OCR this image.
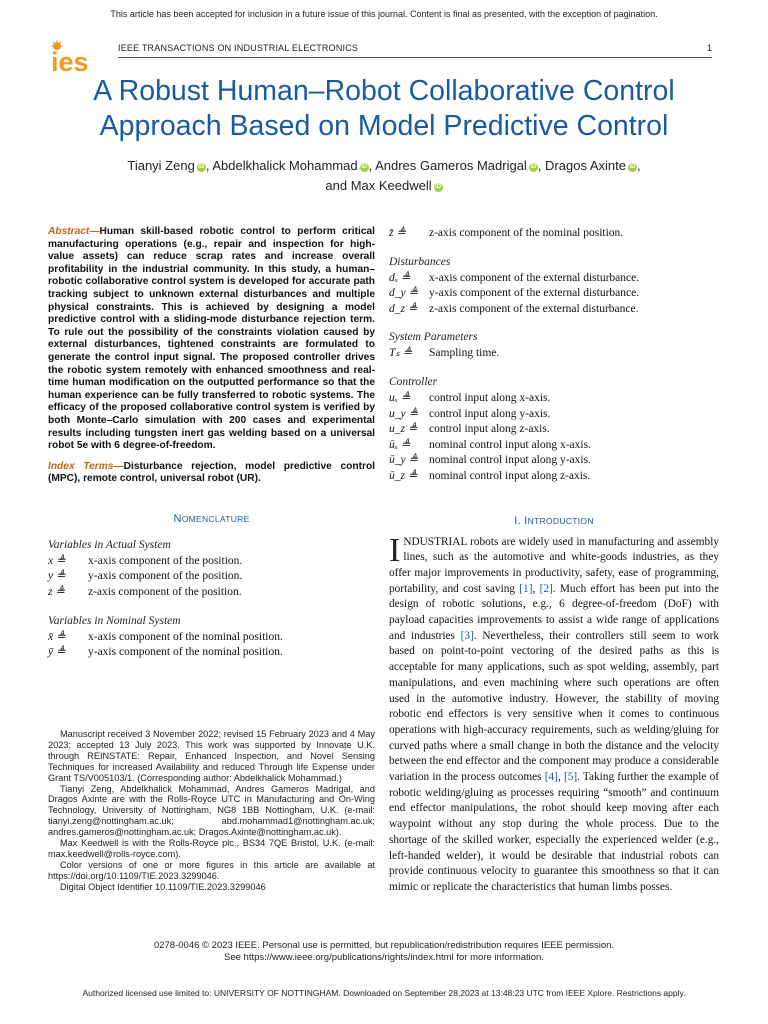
This article has been accepted for inclusion in a future issue of this journal. Content is final as presented, with the exception of pagination.
ies	IEEE TRANSACTIONS ON INDUSTRIAL ELECTRONICS	1
A Robust Human–Robot Collaborative Control
Approach Based on Model Predictive Control
Tianyi Zeng iD , Abdelkhalick Mohammad iD , Andres Gameros Madrigal iD , Dragos Axinte iD ,
and Max Keedwell iD
Abstract—Human skill-based robotic control to perform critical manufacturing operations (e.g., repair and inspection for high-value assets) can reduce scrap rates and increase overall profitability in the industrial community. In this study, a human–robotic collaborative control system is developed for accurate path tracking subject to unknown external disturbances and multiple physical constraints. This is achieved by designing a model predictive control with a sliding-mode disturbance rejection term. To rule out the possibility of the constraints violation caused by external disturbances, tightened constraints are formulated to generate the control input signal. The proposed controller drives the robotic system remotely with enhanced smoothness and real-time human modification on the outputted performance so that the human experience can be fully transferred to robotic systems. The efficacy of the proposed collaborative control system is verified by both Monte–Carlo simulation with 200 cases and experimental results including tungsten inert gas welding based on a universal robot 5e with 6 degree-of-freedom.
Index Terms—Disturbance rejection, model predictive control (MPC), remote control, universal robot (UR).
NOMENCLATURE
Variables in Actual System
x ≜	x-axis component of the position.
y ≜	y-axis component of the position.
z ≜	z-axis component of the position.
Variables in Nominal System
x̄ ≜	x-axis component of the nominal position.
ȳ ≜	y-axis component of the nominal position.

Manuscript received 3 November 2022; revised 15 February 2023 and 4 May 2023; accepted 13 July 2023. This work was supported by Innovate U.K. through REINSTATE: Repair, Enhanced Inspection, and Novel Sensing Techniques for increased Availability and reduced Through life Expense under Grant TS/V005103/1. (Corresponding author: Abdelkhalick Mohammad.)

Tianyi Zeng, Abdelkhalick Mohammad, Andres Gameros Madrigal, and Dragos Axinte are with the Rolls-Royce UTC in Manufacturing and On-Wing Technology, University of Nottingham, NG8 1BB Nottingham, U.K. (e-mail: tianyi.zeng@nottingham.ac.uk; abd.mohammad1@nottingham.ac.uk; andres.gameros@nottingham.ac.uk; Dragos.Axinte@nottingham.ac.uk).

Max Keedwell is with the Rolls-Royce plc., BS34 7QE Bristol, U.K. (e-mail: max.keedwell@rolls-royce.com).

Color versions of one or more figures in this article are available at https://doi.org/10.1109/TIE.2023.3299046.

Digital Object Identifier 10.1109/TIE.2023.3299046

z̄ ≜	z-axis component of the nominal position.
Disturbances
dₓ ≜	x-axis component of the external disturbance.
d_y ≜ y-axis component of the external disturbance.
d_z ≜	z-axis component of the external disturbance.
System Parameters
Tₛ ≜	Sampling time.
Controller
uₓ ≜	control input along x-axis.
u_y ≜ control input along y-axis.
u_z ≜	control input along z-axis.
ūₓ ≜	nominal control input along x-axis.
ū_y ≜ nominal control input along y-axis.
ū_z ≜	nominal control input along z-axis.
I. INTRODUCTION
INDUSTRIAL robots are widely used in manufacturing and assembly lines, such as the automotive and white-goods industries, as they offer major improvements in productivity, safety, ease of programming, portability, and cost saving [1], [2]. Much effort has been put into the design of robotic solutions, e.g., 6 degree-of-freedom (DoF) with payload capacities improvements to assist a wide range of applications and industries [3]. Nevertheless, their controllers still seem to work based on point-to-point vectoring of the desired paths as this is acceptable for many applications, such as spot welding, assembly, part manipulations, and even machining where such operations are often used in the automotive industry. However, the stability of moving robotic end effectors is very sensitive when it comes to continuous operations with high-accuracy requirements, such as welding/gluing for curved paths where a small change in both the distance and the velocity between the end effector and the component may produce a considerable variation in the process outcomes [4], [5]. Taking further the example of robotic welding/gluing as processes requiring “smooth” and continuum end effector manipulations, the robot should keep moving after each waypoint without any stop during the whole process. Due to the shortage of the skilled worker, especially the experienced welder (e.g., left-handed welder), it would be desirable that industrial robots can provide continuous velocity to guarantee this smoothness so that it can mimic or replicate the characteristics that human limbs posses.
0278-0046 © 2023 IEEE. Personal use is permitted, but republication/redistribution requires IEEE permission.
See https://www.ieee.org/publications/rights/index.html for more information.
Authorized licensed use limited to: UNIVERSITY OF NOTTINGHAM. Downloaded on September 28,2023 at 13:48:23 UTC from IEEE Xplore. Restrictions apply.
